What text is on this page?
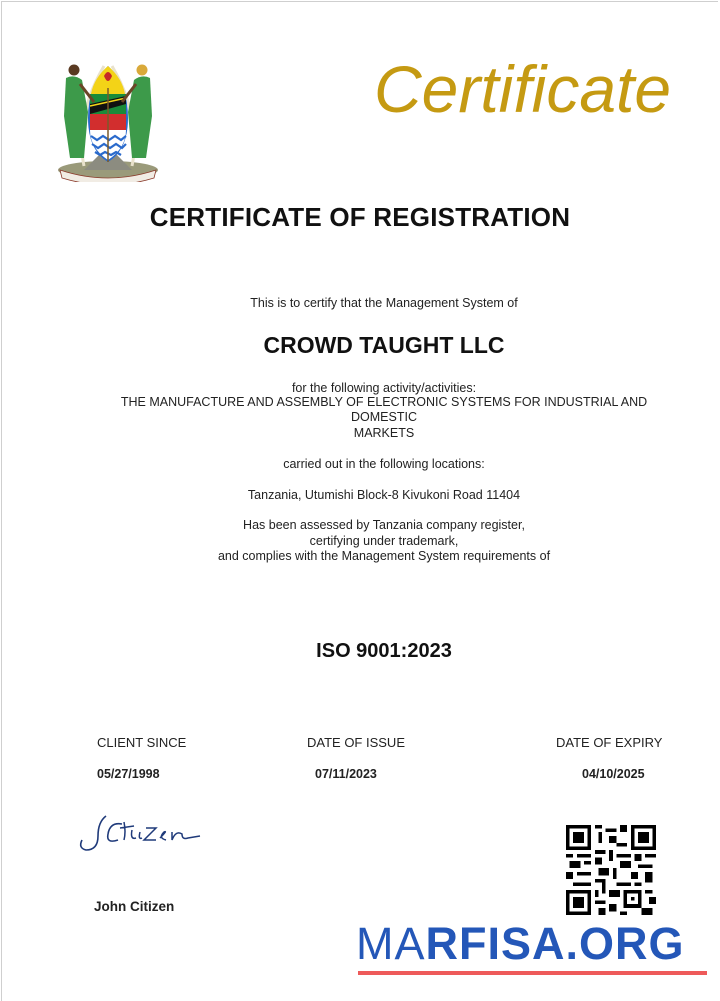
Certificate
CERTIFICATE OF REGISTRATION
This is to certify that the Management System of
CROWD TAUGHT LLC
for the following activity/activities:
THE MANUFACTURE AND ASSEMBLY OF ELECTRONIC SYSTEMS FOR INDUSTRIAL AND
DOMESTIC
MARKETS
carried out in the following locations:
Tanzania, Utumishi Block-8 Kivukoni Road 11404
Has been assessed by Tanzania company register,
certifying under trademark,
and complies with the Management System requirements of
ISO 9001:2023
CLIENT SINCE	DATE OF ISSUE	DATE OF EXPIRY
05/27/1998	07/11/2023	04/10/2025
John Citizen
MARFISA.ORG
